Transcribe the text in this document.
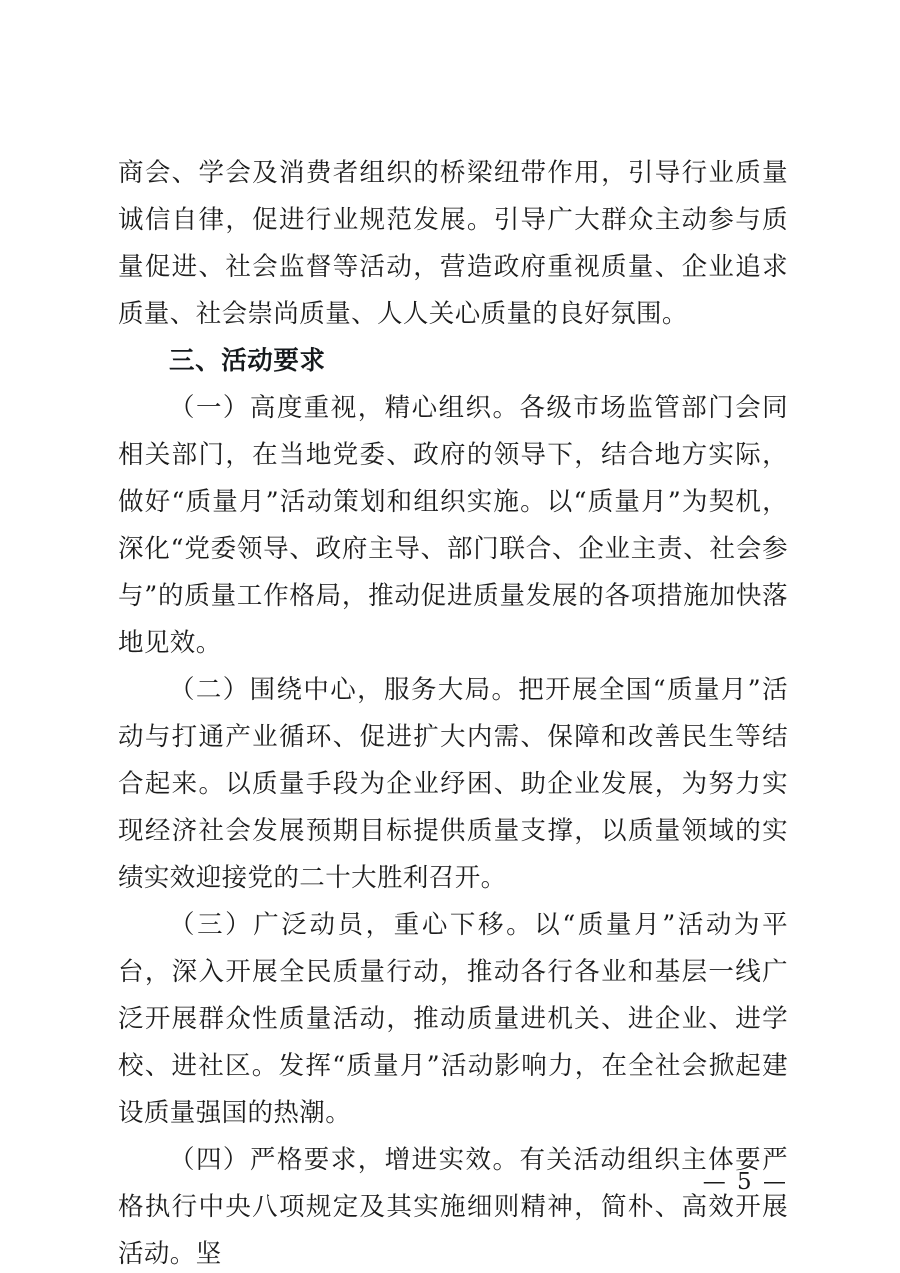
商会、学会及消费者组织的桥梁纽带作用，引导行业质量诚信自律，促进行业规范发展。引导广大群众主动参与质量促进、社会监督等活动，营造政府重视质量、企业追求质量、社会崇尚质量、人人关心质量的良好氛围。

三、活动要求

（一）高度重视，精心组织。各级市场监管部门会同相关部门，在当地党委、政府的领导下，结合地方实际，做好“质量月”活动策划和组织实施。以“质量月”为契机，深化“党委领导、政府主导、部门联合、企业主责、社会参与”的质量工作格局，推动促进质量发展的各项措施加快落地见效。

（二）围绕中心，服务大局。把开展全国“质量月”活动与打通产业循环、促进扩大内需、保障和改善民生等结合起来。以质量手段为企业纾困、助企业发展，为努力实现经济社会发展预期目标提供质量支撑，以质量领域的实绩实效迎接党的二十大胜利召开。

（三）广泛动员，重心下移。以“质量月”活动为平台，深入开展全民质量行动，推动各行各业和基层一线广泛开展群众性质量活动，推动质量进机关、进企业、进学校、进社区。发挥“质量月”活动影响力，在全社会掀起建设质量强国的热潮。

（四）严格要求，增进实效。有关活动组织主体要严格执行中央八项规定及其实施细则精神，简朴、高效开展活动。坚

— 5 —
